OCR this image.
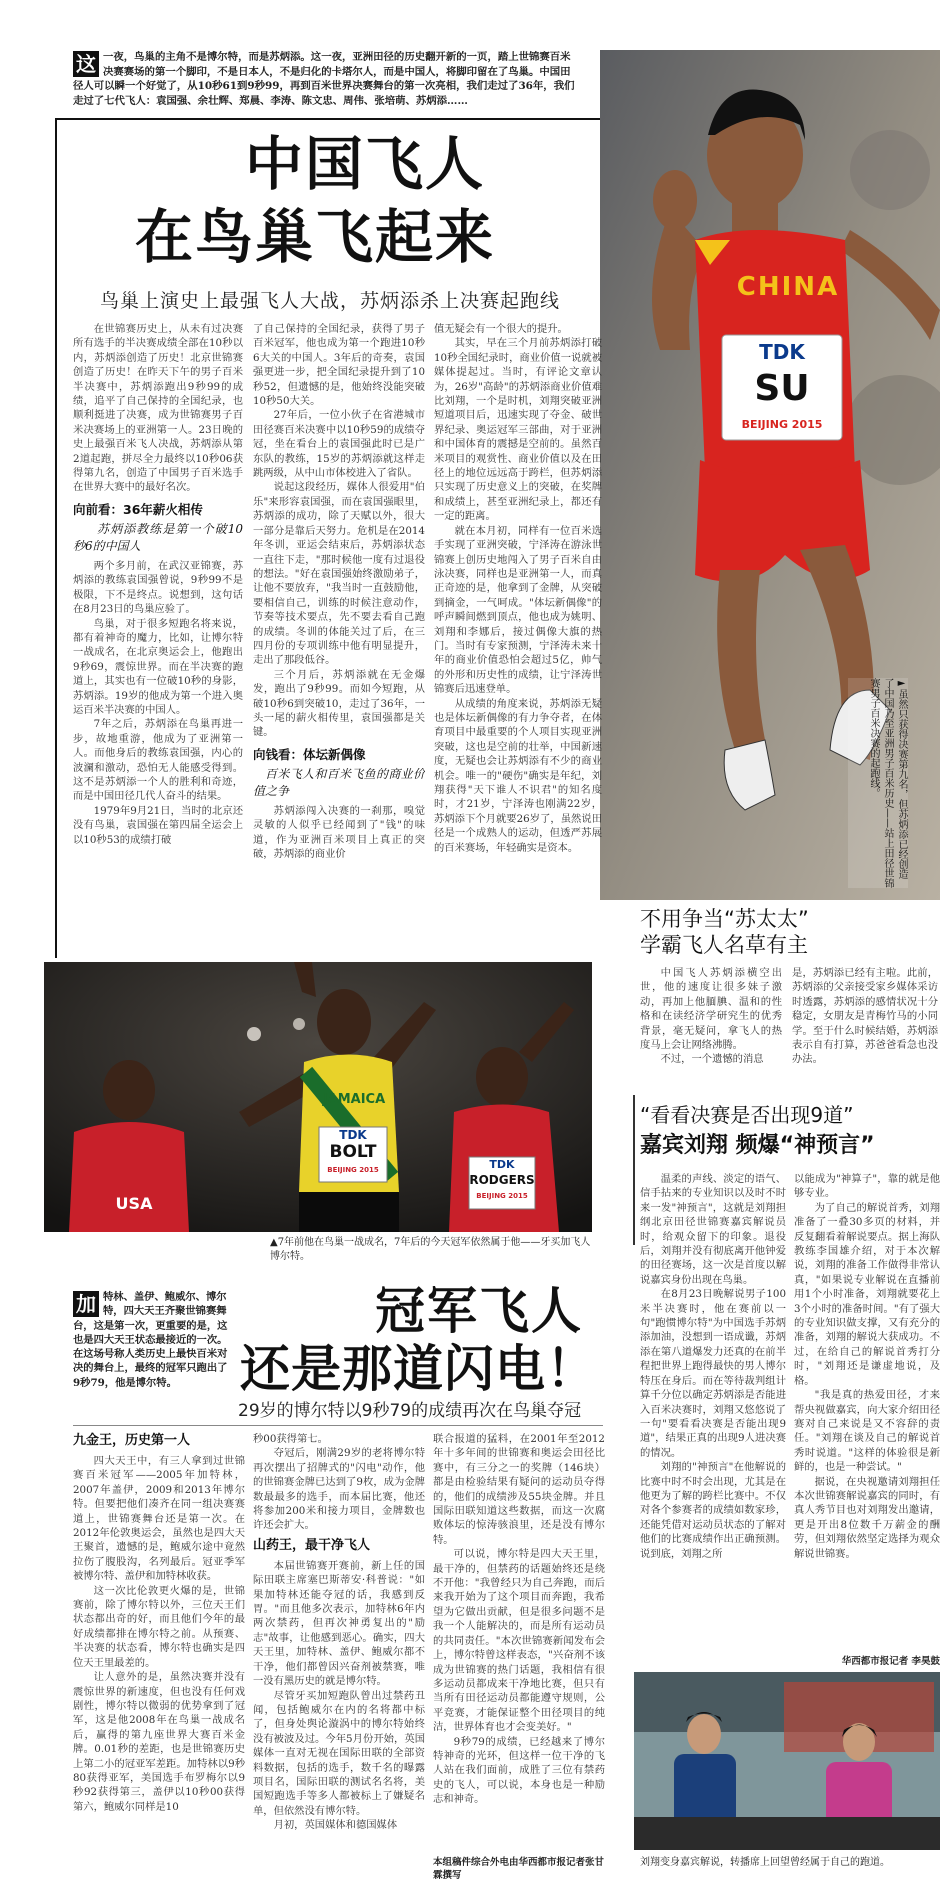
这 一夜，鸟巢的主角不是博尔特，而是苏炳添。这一夜，亚洲田径的历史翻开新的一页，踏上世锦赛百米决赛赛场的第一个脚印，不是日本人，不是归化的卡塔尔人，而是中国人，将脚印留在了鸟巢。中国田径人可以瞬一个好觉了，从10秒61到9秒99，再到百米世界决赛舞台的第一次亮相，我们走过了36年，我们走过了七代飞人：袁国强、余壮辉、郑晨、李涛、陈文忠、周伟、张培萌、苏炳添……
CHINA
TDK
SU
BEIJING 2015
►虽然只获得决赛第九名，但苏炳添已经创造了中国乃至亚洲男子百米历史——站上田径世锦赛男子百米决赛的起跑线。
中国飞人
在鸟巢飞起来
鸟巢上演史上最强飞人大战，苏炳添杀上决赛起跑线

在世锦赛历史上，从未有过决赛所有选手的半决赛成绩全部在10秒以内，苏炳添创造了历史！北京世锦赛创造了历史！在昨天下午的男子百米半决赛中，苏炳添跑出9秒99的成绩，追平了自己保持的全国纪录，也顺利挺进了决赛，成为世锦赛男子百米决赛场上的亚洲第一人。23日晚的史上最强百米飞人决战，苏炳添从第2道起跑，拼尽全力最终以10秒06获得第九名，创造了中国男子百米选手在世界大赛中的最好名次。

向前看：36年薪火相传
苏炳添教练是第一个破10秒6的中国人

两个多月前，在武汉亚锦赛，苏炳添的教练袁国强曾说，9秒99不是极限，下不是终点。说想到，这句话在8月23日的鸟巢应验了。

鸟巢，对于很多短跑名将来说，都有着神奇的魔力，比如，让博尔特一战成名，在北京奥运会上，他跑出9秒69，震惊世界。而在半决赛的跑道上，其实也有一位破10秒的身影，苏炳添。19岁的他成为第一个进入奥运百米半决赛的中国人。

7年之后，苏炳添在鸟巢再进一步，故地重游，他成为了亚洲第一人。而他身后的教练袁国强，内心的波澜和激动，恐怕无人能感受得到。这不是苏炳添一个人的胜利和奇迹，而是中国田径几代人奋斗的结果。

1979年9月21日，当时的北京还没有鸟巢，袁国强在第四届全运会上以10秒53的成绩打破

了自己保持的全国纪录，获得了男子百米冠军，他也成为第一个跑进10秒6大关的中国人。3年后的奇奏，袁国强更进一步，把全国纪录提升到了10秒52，但遗憾的是，他始终没能突破10秒50大关。

27年后，一位小伙子在省港城市田径赛百米决赛中以10秒59的成绩夺冠，坐在看台上的袁国强此时已是广东队的教练，15岁的苏炳添就这样走跳两级，从中山市体校进入了省队。

说起这段经历，媒体人很爱用"伯乐"来形容袁国强，而在袁国强眼里，苏炳添的成功，除了天赋以外，很大一部分是靠后天努力。危机是在2014年冬训，亚运会结束后，苏炳添状态一直往下走，"那时候他一度有过退役的想法。"好在袁国强始终激励弟子，让他不要放弃，"我当时一直鼓励他，要相信自己，训练的时候注意动作，节奏等技术要点，先不要去看自己跑的成绩。冬训的体能关过了后，在三四月份的专项训练中他有明显提升，走出了那段低谷。

三个月后，苏炳添就在无金爆发，跑出了9秒99。而如今短跑，从破10秒6到突破10，走过了36年，一头一尾的薪火相传里，袁国强都是关键。

向钱看：体坛新偶像
百米飞人和百米飞鱼的商业价值之争

苏炳添闯入决赛的一刹那，嗅觉灵敏的人似乎已经闻到了"钱"的味道，作为亚洲百米项目上真正的突破，苏炳添的商业价

值无疑会有一个很大的提升。

其实，早在三个月前苏炳添打破10秒全国纪录时，商业价值一说就被媒体提起过。当时，有评论文章认为，26岁"高龄"的苏炳添商业价值难比刘翔，一个是时机，刘翔突破亚洲短道项目后，迅速实现了夺金、破世界纪录、奥运冠军三部曲，对于亚洲和中国体育的震撼是空前的。虽然百米项目的观赏性、商业价值以及在田径上的地位远远高于跨栏，但苏炳添只实现了历史意义上的突破，在奖牌和成绩上，甚至亚洲纪录上，都还有一定的距离。

就在本月初，同样有一位百米选手实现了亚洲突破，宁泽涛在游泳世锦赛上创历史地闯入了男子百米自由泳决赛，同样也是亚洲第一人，而真正奇迹的是，他拿到了金牌，从突破到摘金，一气呵成。"体坛新偶像"的呼声瞬间燃到顶点，他也成为姚明、刘翔和李娜后，接过偶像大旗的热门。当时有专家预测，宁泽涛未来十年的商业价值恐怕会超过5亿，帅气的外形和历史性的成绩，让宁泽涛世锦赛后迅速登单。

从成绩的角度来说，苏炳添无疑也是体坛新偶像的有力争夺者，在体育项目中最重要的个人项目实现亚洲突破，这也是空前的壮举，中国新速度，无疑也会让苏炳添有不少的商业机会。唯一的"硬伤"确实是年纪，刘翔获得"天下谁人不识君"的知名度时，才21岁，宁泽涛也刚满22岁，苏炳添下个月就要26岁了，虽然说田径是一个成熟人的运动，但透严苏展的百米赛场，年轻确实是资本。

不用争当“苏太太”
学霸飞人名草有主

中国飞人苏炳添横空出世，他的速度让很多妹子激动，再加上他腼腆、温和的性格和在读经济学研究生的优秀背景，毫无疑问，拿飞人的热度马上会让网络沸腾。

不过，一个遗憾的消息

是，苏炳添已经有主啦。此前，苏炳添的父亲接受家乡媒体采访时透露，苏炳添的感情状况十分稳定，女朋友是青梅竹马的小同学。至于什么时候结婚，苏炳添表示自有打算，苏爸爸看急也没办法。

USA
JAMAICA
TDK
BOLT
BEIJING 2015	TDK
RODGERS
BEIJING 2015
▲7年前他在鸟巢一战成名，7年后的今天冠军依然属于他——牙买加飞人博尔特。
“看看决赛是否出现9道”
嘉宾刘翔 频爆“神预言”

温柔的声线、淡定的语气、信手拈来的专业知识以及时不时来一发"神预言"，这就是刘翔担纲北京田径世锦赛嘉宾解说员时，给观众留下的印象。退役后，刘翔并没有彻底离开他钟爱的田径赛场，这一次是首度以解说嘉宾身份出现在鸟巢。

在8月23日晚解说男子100米半决赛时，他在赛前以一句"跑惯博尔特"为中国选手苏炳添加油，没想到一语成谶，苏炳添在第八道爆发力还真的在前半程把世界上跑得最快的男人博尔特压在身后。而在等待裁判组计算千分位以确定苏炳添是否能进入百米决赛时，刘翔又悠悠说了一句"要看看决赛是否能出现9道"，结果正真的出现9人进决赛的情况。

刘翔的"神预言"在他解说的比赛中时不时会出现，尤其是在他更为了解的跨栏比赛中。不仅对各个参赛者的成绩如数家珍，还能凭借对运动员状态的了解对他们的比赛成绩作出正确预测。说到底，刘翔之所

以能成为"神算子"，靠的就是他够专业。

为了自己的解说首秀，刘翔准备了一叠30多页的材料，并反复翻看着解说要点。据上海队教练李国雄介绍，对于本次解说，刘翔的准备工作做得非常认真，"如果说专业解说在直播前用1个小时准备，刘翔就要花上3个小时的准备时间。"有了强大的专业知识做支撑，又有充分的准备，刘翔的解说大获成功。不过，在给自己的解说首秀打分时，"刘翔还是谦虚地说，及格。

"我是真的热爱田径，才来帮央视做嘉宾，向大家介绍田径赛对自己来说是又不容辞的责任。"刘翔在谈及自己的解说首秀时说道。"这样的体验很是新鲜的，也是一种尝试。"

据说，在央视邀请刘翔担任本次世锦赛解说嘉宾的同时，有真人秀节目也对刘翔发出邀请，更是开出8位数千万薪金的酬劳，但刘翔依然坚定选择为观众解说世锦赛。

华西都市报记者 李昊鼓
加 特林、盖伊、鲍威尔、博尔特，四大天王齐聚世锦赛舞台，这是第一次，更重要的是，这也是四大天王状态最接近的一次。在这场号称人类历史上最快百米对决的舞台上，最终的冠军只跑出了9秒79，他是博尔特。
冠军飞人
还是那道闪电！
29岁的博尔特以9秒79的成绩再次在鸟巢夺冠
九金王，历史第一人

四大天王中，有三人拿到过世锦赛百米冠军——2005年加特林，2007年盖伊，2009和2013年博尔特。但要把他们凑齐在同一组决赛赛道上，世锦赛舞台还是第一次。在2012年伦敦奥运会，虽然也是四大天王聚首，遗憾的是，鲍威尔途中竟然拉伤了腹股沟，名列最后。冠亚季军被博尔特、盖伊和加特林收获。

这一次比伦敦更火爆的是，世锦赛前，除了博尔特以外，三位天王们状态都出奇的好，而且他们今年的最好成绩都排在博尔特之前。从预赛、半决赛的状态看，博尔特也确实是四位天王里最差的。

让人意外的是，虽然决赛并没有震惊世界的新速度，但也没有任何戏剧性，博尔特以微弱的优势拿到了冠军，这是他2008年在鸟巢一战成名后，赢得的第九座世界大赛百米金牌。0.01秒的差距，也是世锦赛历史上第二小的冠亚军差距。加特林以9秒80获得亚军，美国选手布罗梅尔以9秒92获得第三，盖伊以10秒00获得第六，鲍威尔同样是10

秒00获得第七。

夺冠后，刚满29岁的老将博尔特再次摆出了招牌式的"闪电"动作，他的世锦赛金牌已达到了9枚，成为金牌数最最多的选手，而本届比赛，他还将参加200米和接力项目，金牌数也许还会扩大。

山药王，最干净飞人

本届世锦赛开赛前，新上任的国际田联主席塞巴斯蒂安·科普说："如果加特林还能夺冠的话，我感到反胃。"而且他多次表示，加特林6年内两次禁药，但再次神勇复出的"励志"故事，让他感到恶心。确实，四大天王里，加特林、盖伊、鲍威尔都不干净，他们都曾因兴奋剂被禁赛，唯一没有黑历史的就是博尔特。

尽管牙买加短跑队曾出过禁药丑闻，包括鲍威尔在内的名将都中标了，但身处舆论漩涡中的博尔特始终没有被波及过。今年5月份开始，英国媒体一直对无视在国际田联的全部资料数据，包括的选手，数千名的曝露项目名，国际田联的测试名名将，美国短跑选手等多人都被标上了嫌疑名单，但依然没有博尔特。

月初，英国媒体和德国媒体

联合报道的猛料，在2001年至2012年十多年间的世锦赛和奥运会田径比赛中，有三分之一的奖牌（146块）都是由检验结果有疑问的运动员夺得的，他们的成绩涉及55块金牌。并且国际田联知道这些数据，而这一次腐败体坛的惊涛骇浪里，还是没有博尔特。

可以说，博尔特是四大天王里，最干净的，但禁药的话题始终还是绕不开他："我曾经只为自己奔跑，而后来我开始为了这个项目而奔跑，我希望为它做出贡献，但是很多问题不是我一个人能解决的，而是所有运动员的共同责任。"本次世锦赛新闻发布会上，博尔特曾这样表态，"兴奋剂不该成为世锦赛的热门话题，我相信有很多运动员都成来干净地比赛，但只有当所有田径运动员都能遵守规则，公平竞赛，才能保证整个田径项目的纯洁，世界体育也才会变美好。"

9秒79的成绩，已经越来了博尔特神奇的光环，但这样一位干净的飞人站在我们面前，成胜了三位有禁药史的飞人，可以说，本身也是一种励志和神奇。

本组稿件综合外电由华西都市报记者张甘霖撰写
刘翔变身嘉宾解说，转播席上回望曾经属于自己的跑道。
